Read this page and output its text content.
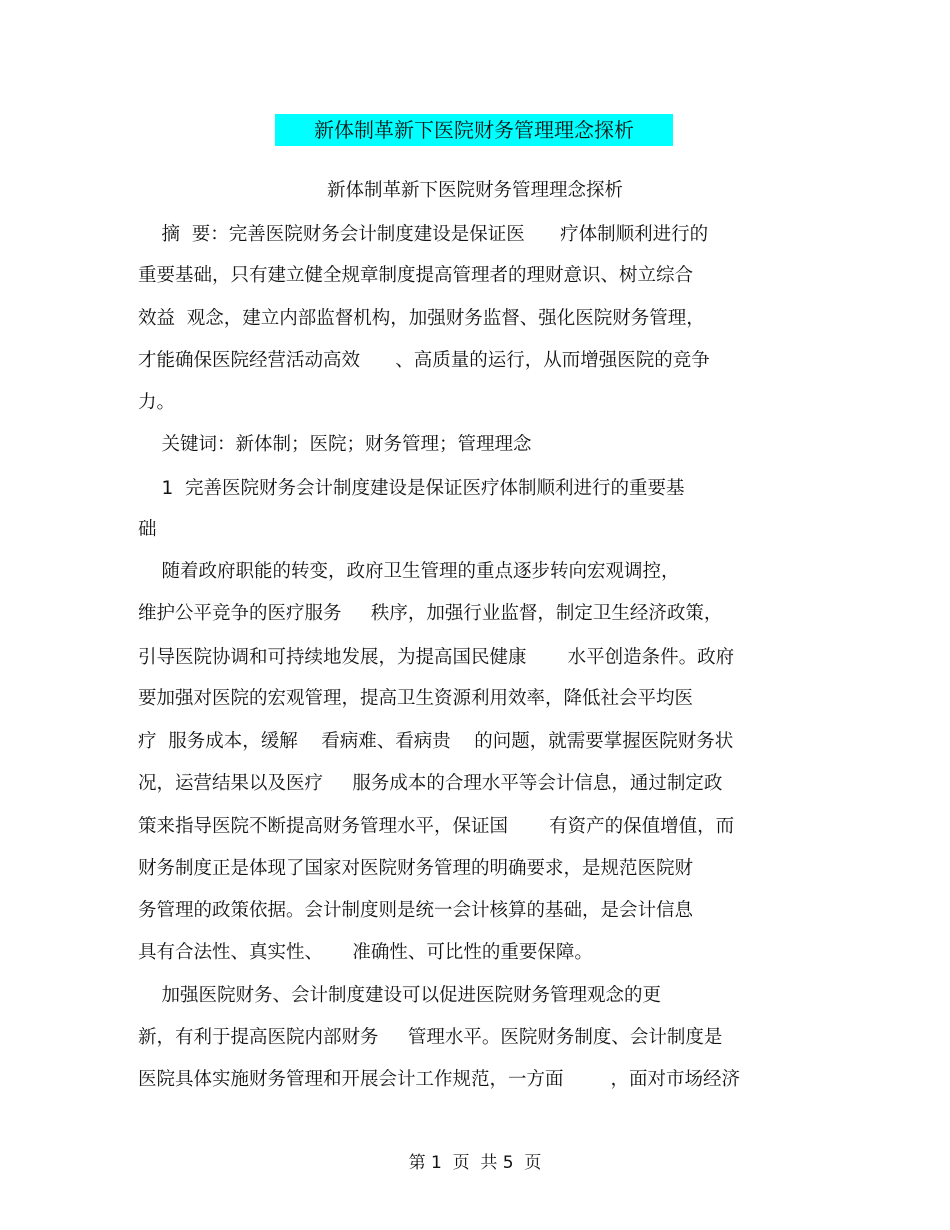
新体制革新下医院财务管理理念探析
新体制革新下医院财务管理理念探析
摘  要：完善医院财务会计制度建设是保证医      疗体制顺利进行的
重要基础，只有建立健全规章制度提高管理者的理财意识、树立综合
效益  观念，建立内部监督机构，加强财务监督、强化医院财务管理，
才能确保医院经营活动高效      、高质量的运行，从而增强医院的竞争
力。
关键词：新体制；医院；财务管理；管理理念
1  完善医院财务会计制度建设是保证医疗体制顺利进行的重要基
础
随着政府职能的转变，政府卫生管理的重点逐步转向宏观调控，
维护公平竞争的医疗服务     秩序，加强行业监督，制定卫生经济政策，
引导医院协调和可持续地发展，为提高国民健康       水平创造条件。政府
要加强对医院的宏观管理，提高卫生资源利用效率，降低社会平均医
疗  服务成本，缓解    看病难、看病贵    的问题，就需要掌握医院财务状
况，运营结果以及医疗     服务成本的合理水平等会计信息，通过制定政
策来指导医院不断提高财务管理水平，保证国       有资产的保值增值，而
财务制度正是体现了国家对医院财务管理的明确要求，是规范医院财
务管理的政策依据。会计制度则是统一会计核算的基础，是会计信息
具有合法性、真实性、     准确性、可比性的重要保障。
加强医院财务、会计制度建设可以促进医院财务管理观念的更
新，有利于提高医院内部财务     管理水平。医院财务制度、会计制度是
医院具体实施财务管理和开展会计工作规范，一方面        ，面对市场经济
第 1  页  共 5  页
